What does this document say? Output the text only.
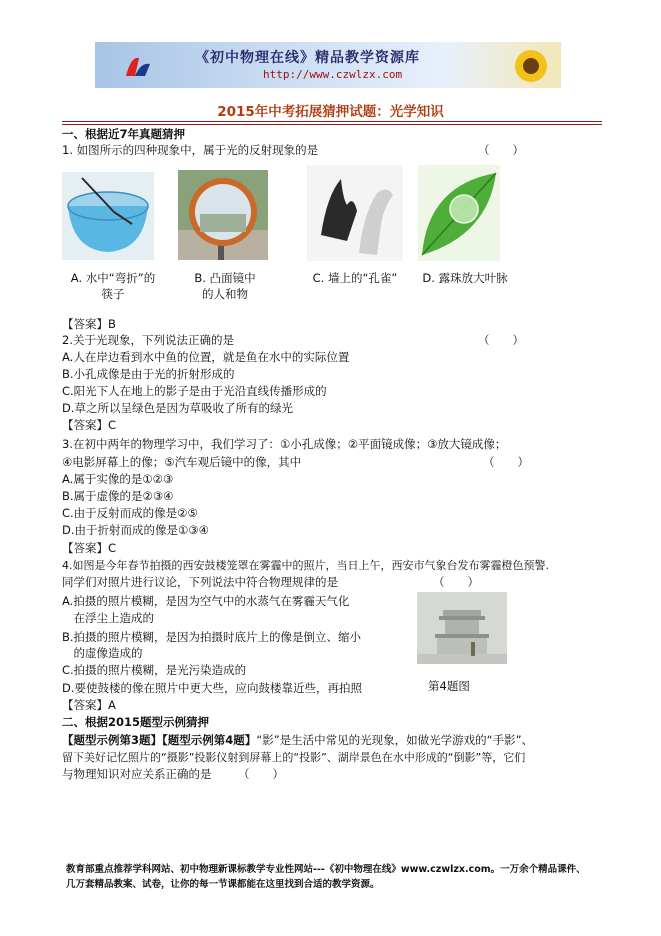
《初中物理在线》精品教学资源库
http://www.czwlzx.com
2015年中考拓展猜押试题：光学知识
一、根据近7年真题猜押
1. 如图所示的四种现象中，属于光的反射现象的是	（　　）
A. 水中“弯折”的
筷子
B. 凸面镜中
的人和物
C. 墙上的“孔雀”	D. 露珠放大叶脉
【答案】B
2.关于光现象，下列说法正确的是	（　　）
A.人在岸边看到水中鱼的位置，就是鱼在水中的实际位置
B.小孔成像是由于光的折射形成的
C.阳光下人在地上的影子是由于光沿直线传播形成的
D.草之所以呈绿色是因为草吸收了所有的绿光
【答案】C
3.在初中两年的物理学习中，我们学习了：①小孔成像；②平面镜成像；③放大镜成像；
④电影屏幕上的像；⑤汽车观后镜中的像，其中	（　　）
A.属于实像的是①②③
B.属于虚像的是②③④
C.由于反射而成的像是②⑤
D.由于折射而成的像是①③④
【答案】C
4.如图是今年春节拍摄的西安鼓楼笼罩在雾霾中的照片，当日上午，西安市气象台发布雾霾橙色预警.
同学们对照片进行议论，下列说法中符合物理规律的是	（　　）
A.拍摄的照片模糊，是因为空气中的水蒸气在雾霾天气化
　在浮尘上造成的
B.拍摄的照片模糊，是因为拍摄时底片上的像是倒立、缩小
　的虚像造成的
C.拍摄的照片模糊，是光污染造成的
D.要使鼓楼的像在照片中更大些，应向鼓楼靠近些，再拍照	第4题图
【答案】A
二、根据2015题型示例猜押
【题型示例第3题】【题型示例第4题】“影”是生活中常见的光现象，如做光学游戏的“手影”、
留下美好记忆照片的“摄影”投影仪射到屏幕上的“投影”、湖岸景色在水中形成的“倒影”等，它们
与物理知识对应关系正确的是 （　　）
教育部重点推荐学科网站、初中物理新课标教学专业性网站---《初中物理在线》www.czwlzx.com。一万余个精品课件、
几万套精品教案、试卷，让你的每一节课都能在这里找到合适的教学资源。
